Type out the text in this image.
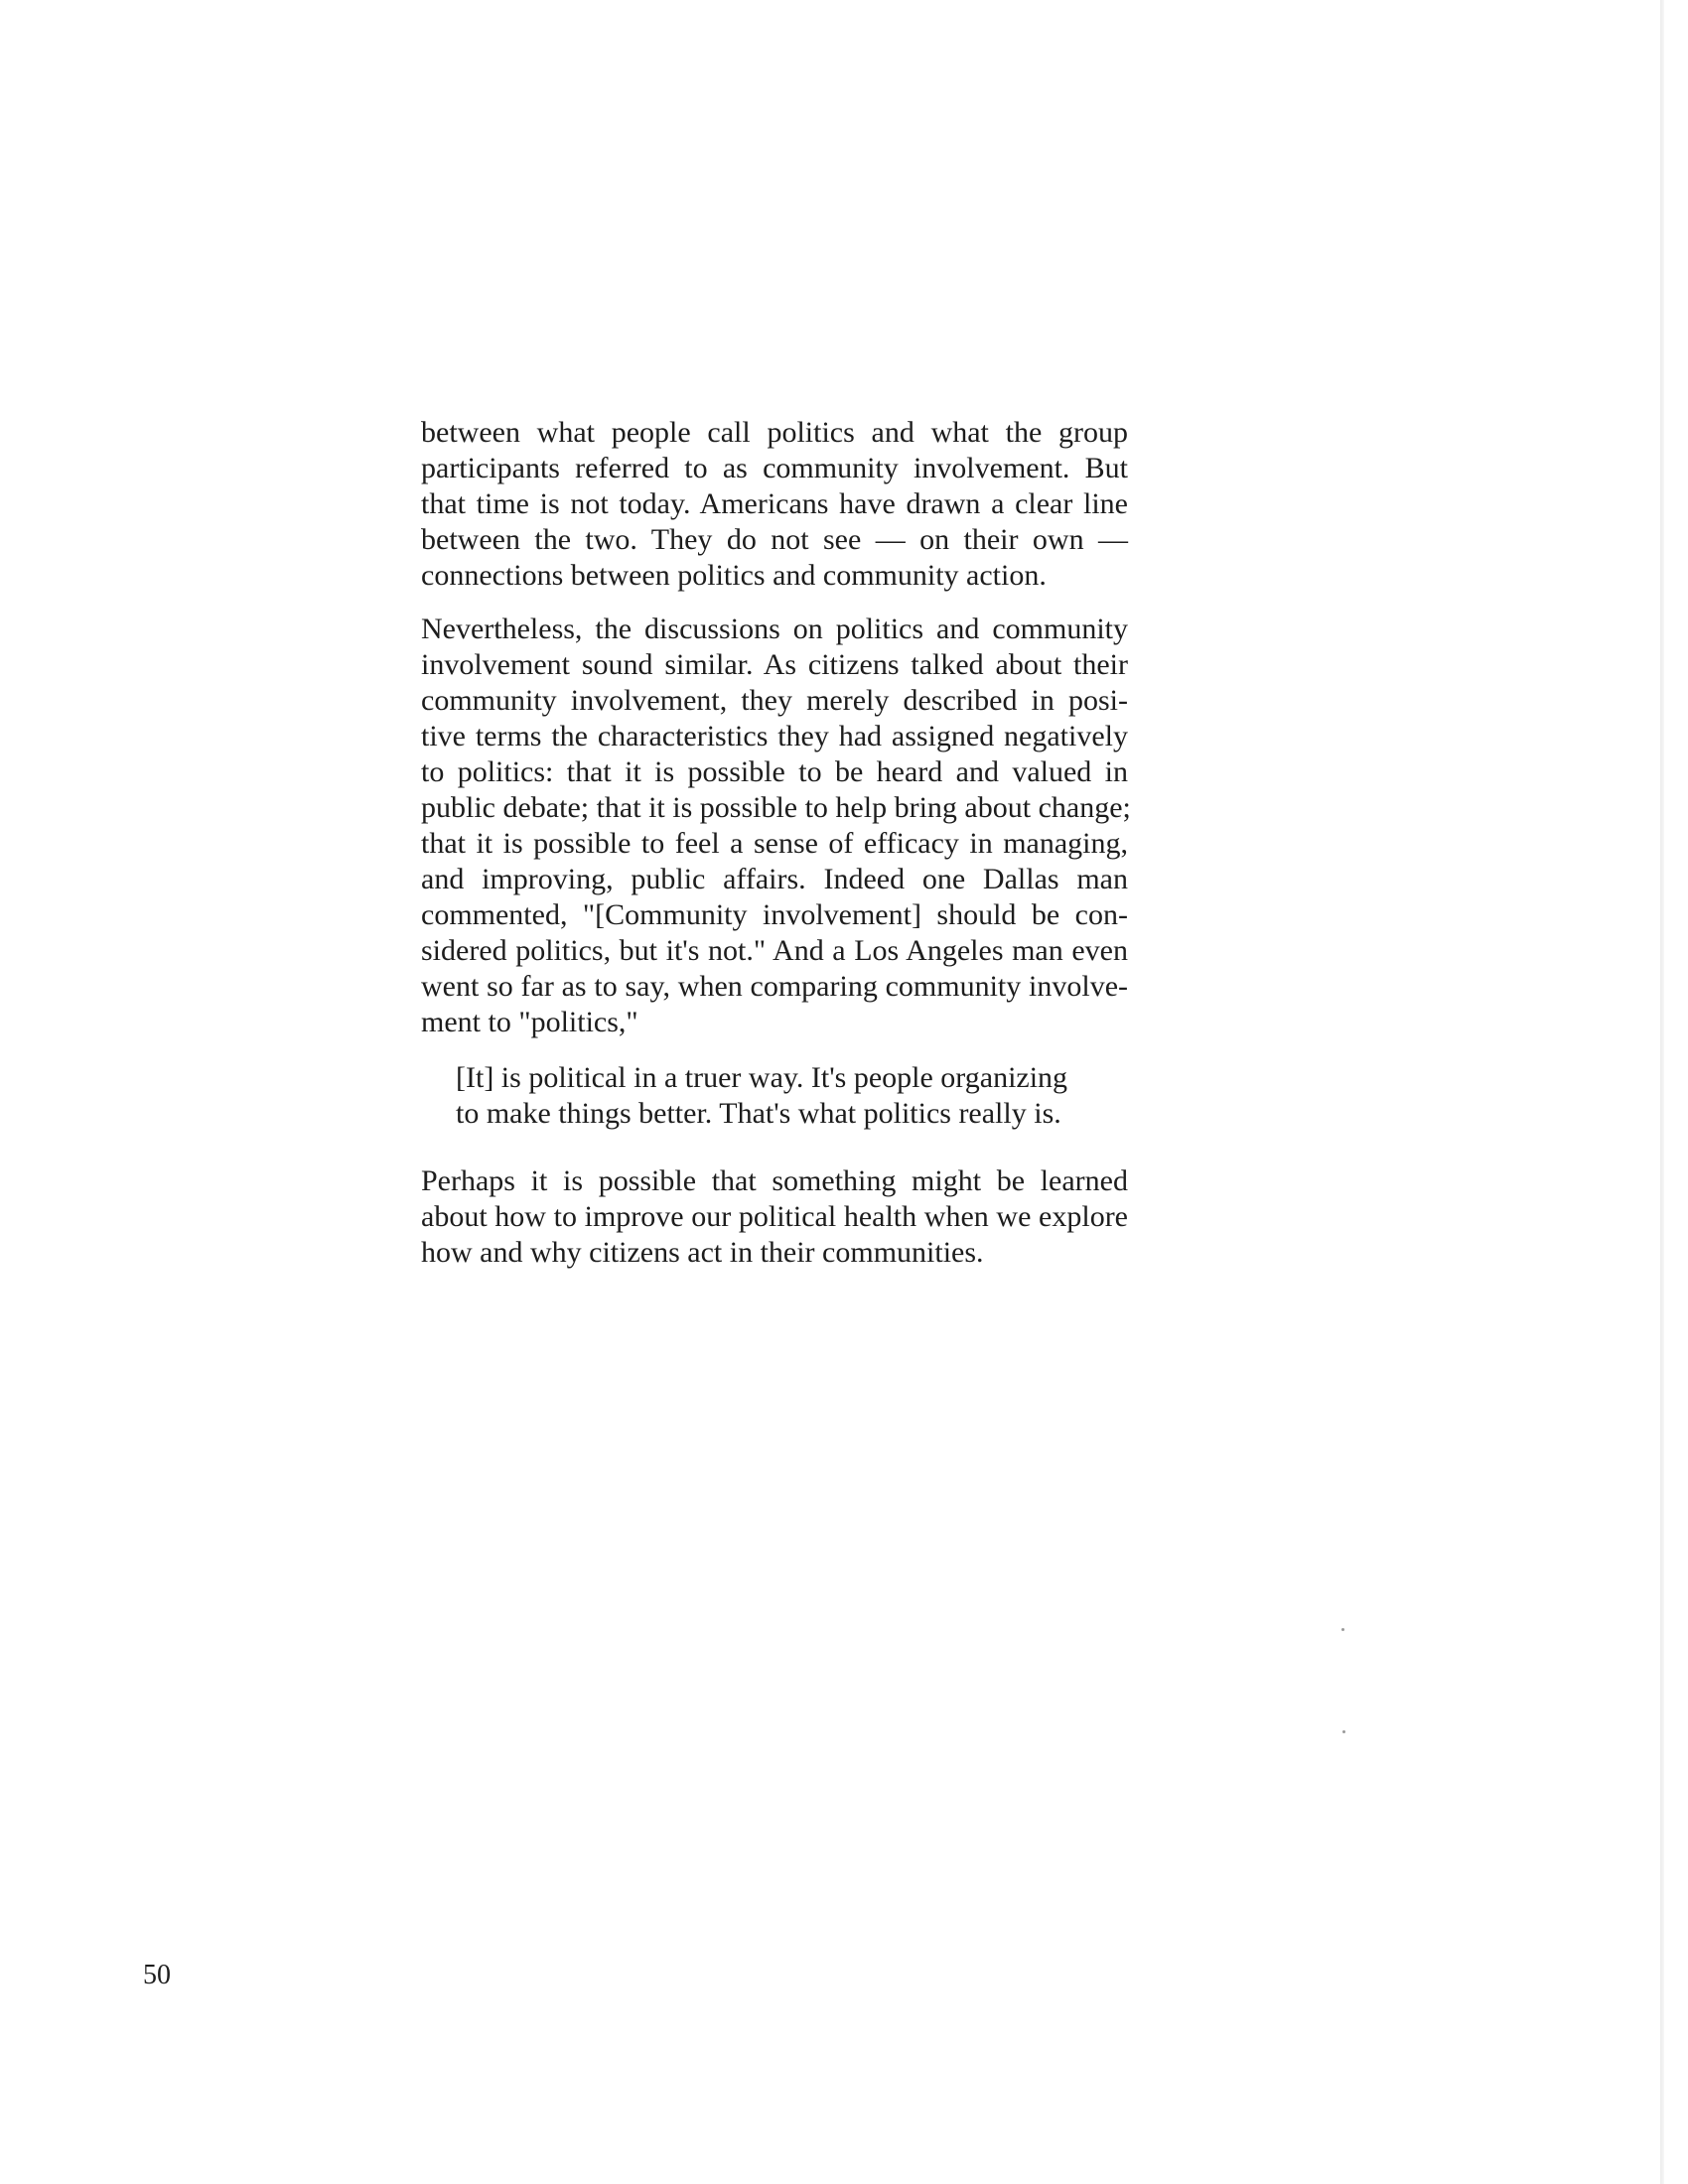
between what people call politics and what the group
participants referred to as community involvement. But
that time is not today. Americans have drawn a clear line
between the two. They do not see — on their own —
connections between politics and community action.

Nevertheless, the discussions on politics and community
involvement sound similar. As citizens talked about their
community involvement, they merely described in posi-
tive terms the characteristics they had assigned negatively
to politics: that it is possible to be heard and valued in
public debate; that it is possible to help bring about change;
that it is possible to feel a sense of efficacy in managing,
and improving, public affairs. Indeed one Dallas man
commented, "[Community involvement] should be con-
sidered politics, but it's not." And a Los Angeles man even
went so far as to say, when comparing community involve-
ment to "politics,"

[It] is political in a truer way. It's people organizing
to make things better. That's what politics really is.

Perhaps it is possible that something might be learned
about how to improve our political health when we explore
how and why citizens act in their communities.

50
